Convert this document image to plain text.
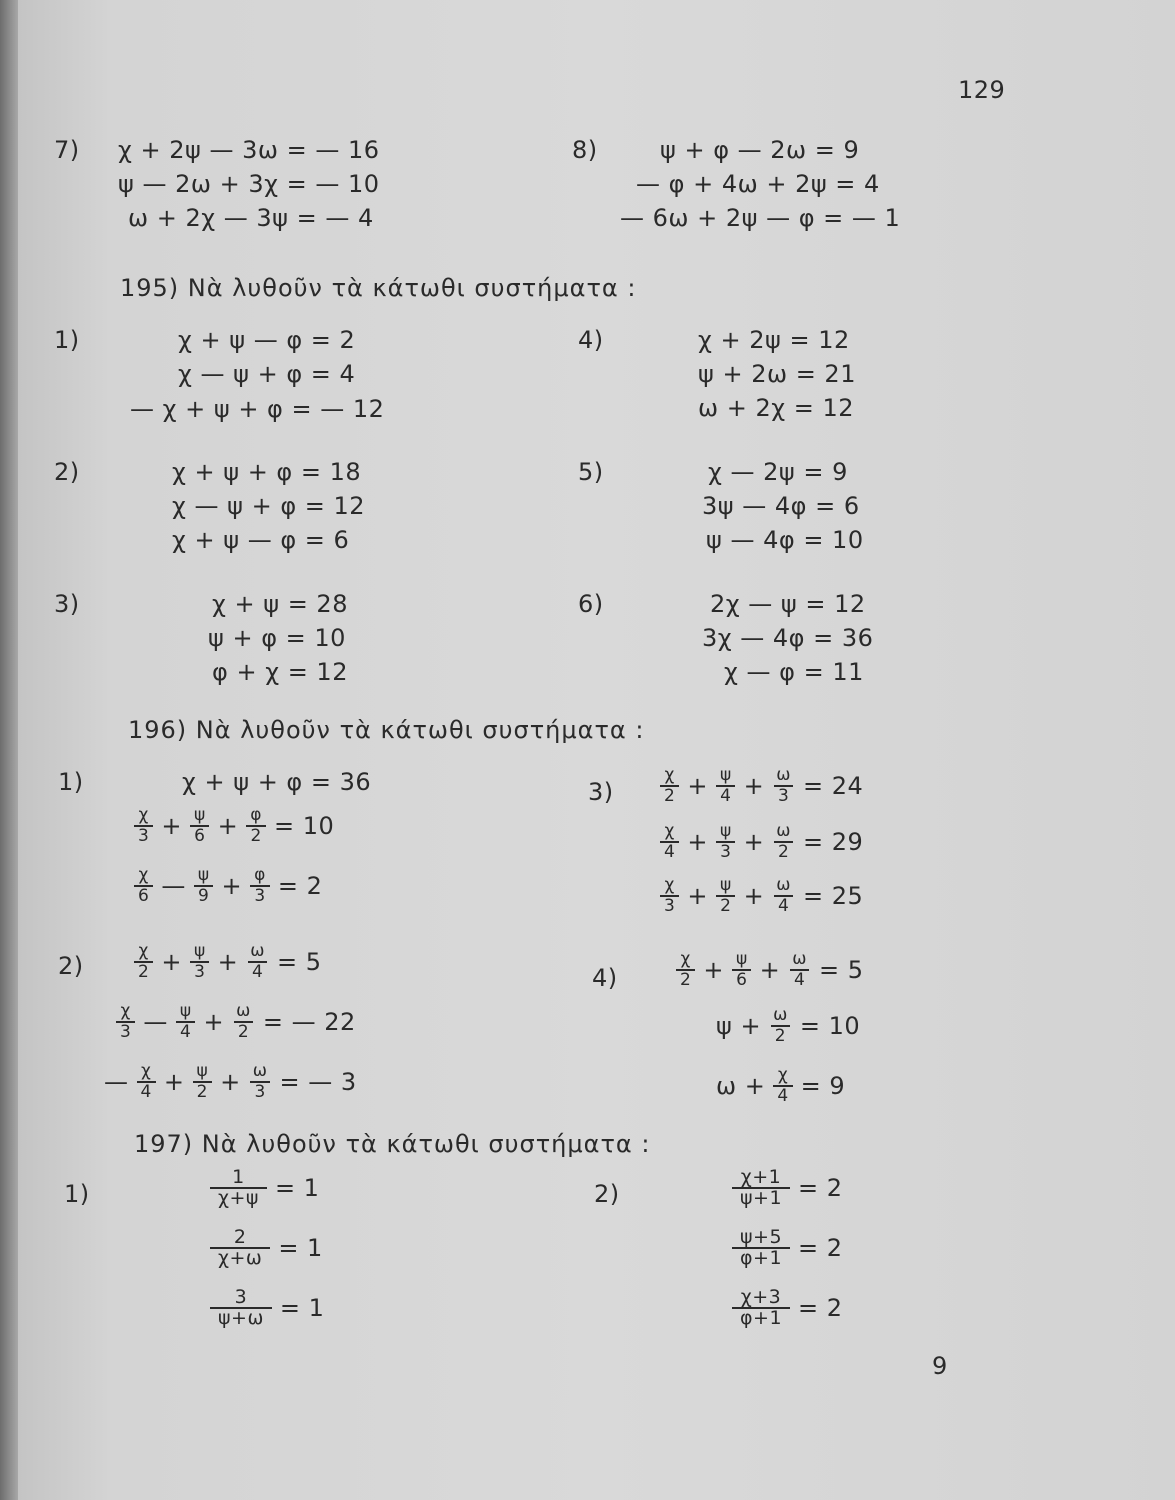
129
7) χ + 2ψ — 3ω = — 16
ψ — 2ω + 3χ = — 10
ω + 2χ — 3ψ = — 4
8)	ψ + φ — 2ω = 9
— φ + 4ω + 2ψ = 4
— 6ω + 2ψ — φ = — 1
195) Νὰ λυθοῦν τὰ κάτωθι συστήματα :
1)	χ + ψ — φ = 2
χ — ψ + φ = 4
— χ + ψ + φ = — 12
2)	χ + ψ + φ = 18
χ — ψ + φ = 12
χ + ψ — φ = 6
3)	χ + ψ = 28
ψ + φ = 10
φ + χ = 12
4)	χ + 2ψ = 12
ψ + 2ω = 21
ω + 2χ = 12
5)	χ — 2ψ = 9
3ψ — 4φ = 6
ψ — 4φ = 10
6)	2χ — ψ = 12
3χ — 4φ = 36
χ — φ = 11
196) Νὰ λυθοῦν τὰ κάτωθι συστήματα :
1)	χ + ψ + φ = 36
$\frac{\chi}{3} + \frac{\psi}{6} + \frac{\varphi}{2} = 10$
$\frac{\chi}{6}$ — $\frac{\psi}{9} + \frac{\varphi}{3} = 2$
2)	$\frac{\chi}{2} + \frac{\psi}{3} + \frac{\omega}{4} = 5$
$\frac{\chi}{3}$ — $\frac{\psi}{4} + \frac{\omega}{2}$ = — 22
— $\frac{\chi}{4} + \frac{\psi}{2} + \frac{\omega}{3}$ = — 3
3)	$\frac{\chi}{2} + \frac{\psi}{4} + \frac{\omega}{3} = 24$
$\frac{\chi}{4} + \frac{\psi}{3} + \frac{\omega}{2} = 29$
$\frac{\chi}{3} + \frac{\psi}{2} + \frac{\omega}{4} = 25$
4)	$\frac{\chi}{2} + \frac{\psi}{6} + \frac{\omega}{4} = 5$
$\psi + \frac{\omega}{2} = 10$
$\omega + \frac{\chi}{4} = 9$
197) Νὰ λυθοῦν τὰ κάτωθι συστήματα :
1)	$\frac{1}{\chi+\psi} = 1$
$\frac{2}{\chi+\omega} = 1$
$\frac{3}{\psi+\omega} = 1$
2)	$\frac{\chi+1}{\psi+1} = 2$
$\frac{\psi+5}{\varphi+1} = 2$
$\frac{\chi+3}{\varphi+1} = 2$
9
